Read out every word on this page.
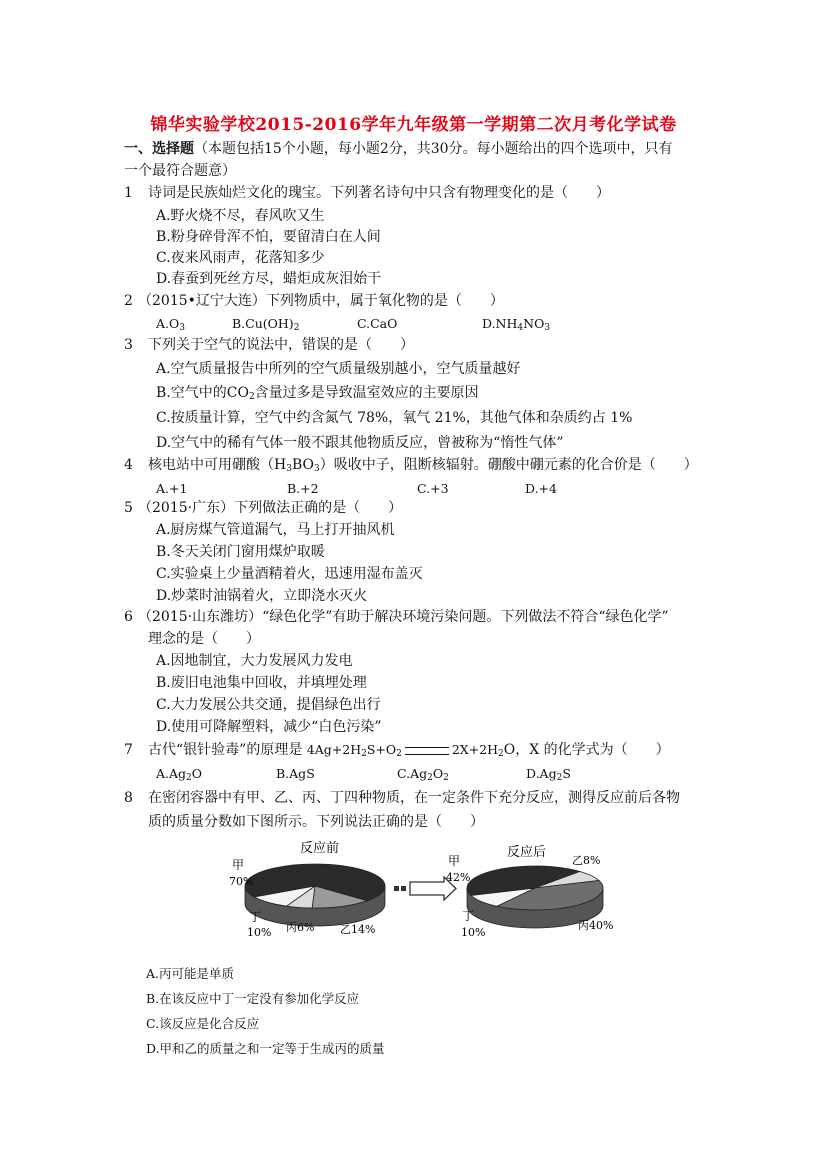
锦华实验学校2015-2016学年九年级第一学期第二次月考化学试卷
一、选择题（本题包括15个小题，每小题2分，共30分。每小题给出的四个选项中，只有
一个最符合题意）
1 诗词是民族灿烂文化的瑰宝。下列著名诗句中只含有物理变化的是（　　）
A.野火烧不尽，春风吹又生
B.粉身碎骨浑不怕，要留清白在人间
C.夜来风雨声，花落知多少
D.春蚕到死丝方尽，蜡炬成灰泪始干
2 （2015•辽宁大连）下列物质中，属于氧化物的是（　　）
$A.O_3$	$B.Cu(OH)_2$	C.CaO	$D.NH_4NO_3$
3 下列关于空气的说法中，错误的是（　　）
A.空气质量报告中所列的空气质量级别越小，空气质量越好
B.空气中的$CO_2$含量过多是导致温室效应的主要原因
C.按质量计算，空气中约含氮气 78%，氧气 21%，其他气体和杂质约占 1%
D.空气中的稀有气体一般不跟其他物质反应，曾被称为“惰性气体”
4 核电站中可用硼酸$(H_3BO_3)$吸收中子，阻断核辐射。硼酸中硼元素的化合价是（　　）
A.+1	B.+2	C.+3	D.+4
5 （2015·广东）下列做法正确的是（　　）
A.厨房煤气管道漏气，马上打开抽风机
B.冬天关闭门窗用煤炉取暖
C.实验桌上少量酒精着火，迅速用湿布盖灭
D.炒菜时油锅着火，立即浇水灭火
6 （2015·山东潍坊）“绿色化学”有助于解决环境污染问题。下列做法不符合“绿色化学”
理念的是（　　）
A.因地制宜，大力发展风力发电
B.废旧电池集中回收，并填埋处理
C.大力发展公共交通，提倡绿色出行
D.使用可降解塑料，减少“白色污染”
7 古代“银针验毒”的原理是 $4Ag+2H_2S+O_2$	$2X+2H_2O$，X 的化学式为（　　）
$A.Ag_2O$	B.AgS	$C.Ag_2O_2$	$D.Ag_2S$
8 在密闭容器中有甲、乙、丙、丁四种物质，在一定条件下充分反应，测得反应前后各物
质的质量分数如下图所示。下列说法正确的是（　　）
反应前
甲
70%
丁
10% 丙6% 乙14%
反应后
甲
42%
乙8%
丙40%
丁
10%
A.丙可能是单质
B.在该反应中丁一定没有参加化学反应
C.该反应是化合反应
D.甲和乙的质量之和一定等于生成丙的质量
